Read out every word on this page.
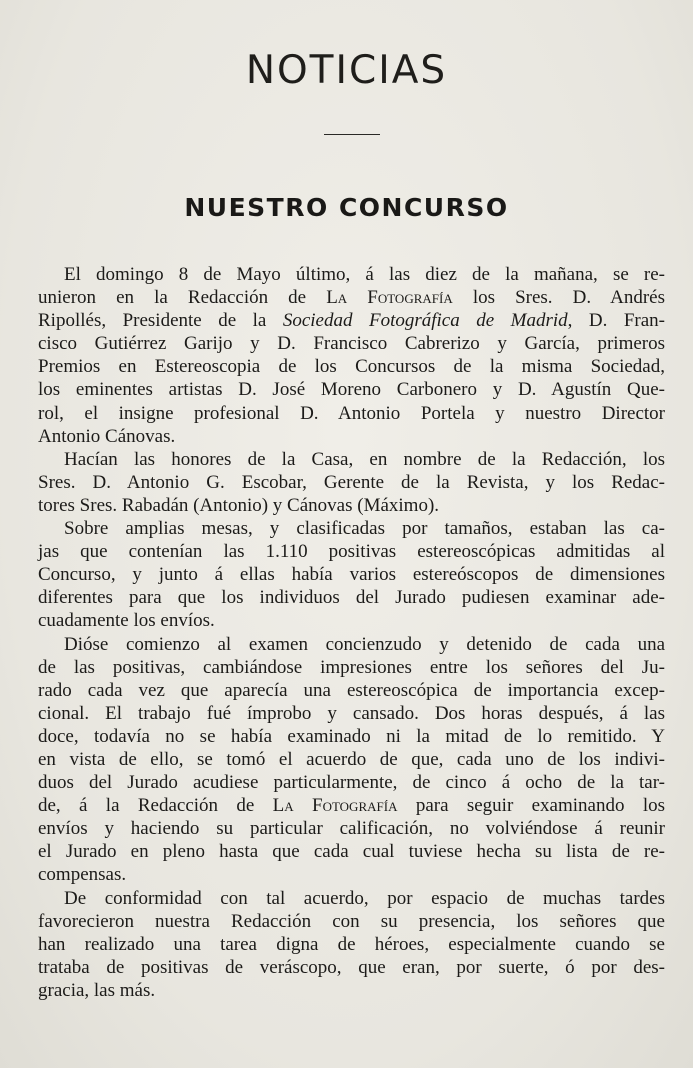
NOTICIAS
NUESTRO CONCURSO
El domingo 8 de Mayo último, á las diez de la mañana, se re-
unieron en la Redacción de La Fotografía los Sres. D. Andrés
Ripollés, Presidente de la Sociedad Fotográfica de Madrid, D. Fran-
cisco Gutiérrez Garijo y D. Francisco Cabrerizo y García, primeros
Premios en Estereoscopia de los Concursos de la misma Sociedad,
los eminentes artistas D. José Moreno Carbonero y D. Agustín Que-
rol, el insigne profesional D. Antonio Portela y nuestro Director
Antonio Cánovas.
Hacían las honores de la Casa, en nombre de la Redacción, los
Sres. D. Antonio G. Escobar, Gerente de la Revista, y los Redac-
tores Sres. Rabadán (Antonio) y Cánovas (Máximo).
Sobre amplias mesas, y clasificadas por tamaños, estaban las ca-
jas que contenían las 1.110 positivas estereoscópicas admitidas al
Concurso, y junto á ellas había varios estereóscopos de dimensiones
diferentes para que los individuos del Jurado pudiesen examinar ade-
cuadamente los envíos.
Dióse comienzo al examen concienzudo y detenido de cada una
de las positivas, cambiándose impresiones entre los señores del Ju-
rado cada vez que aparecía una estereoscópica de importancia excep-
cional. El trabajo fué ímprobo y cansado. Dos horas después, á las
doce, todavía no se había examinado ni la mitad de lo remitido. Y
en vista de ello, se tomó el acuerdo de que, cada uno de los indivi-
duos del Jurado acudiese particularmente, de cinco á ocho de la tar-
de, á la Redacción de La Fotografía para seguir examinando los
envíos y haciendo su particular calificación, no volviéndose á reunir
el Jurado en pleno hasta que cada cual tuviese hecha su lista de re-
compensas.
De conformidad con tal acuerdo, por espacio de muchas tardes
favorecieron nuestra Redacción con su presencia, los señores que
han realizado una tarea digna de héroes, especialmente cuando se
trataba de positivas de veráscopo, que eran, por suerte, ó por des-
gracia, las más.
